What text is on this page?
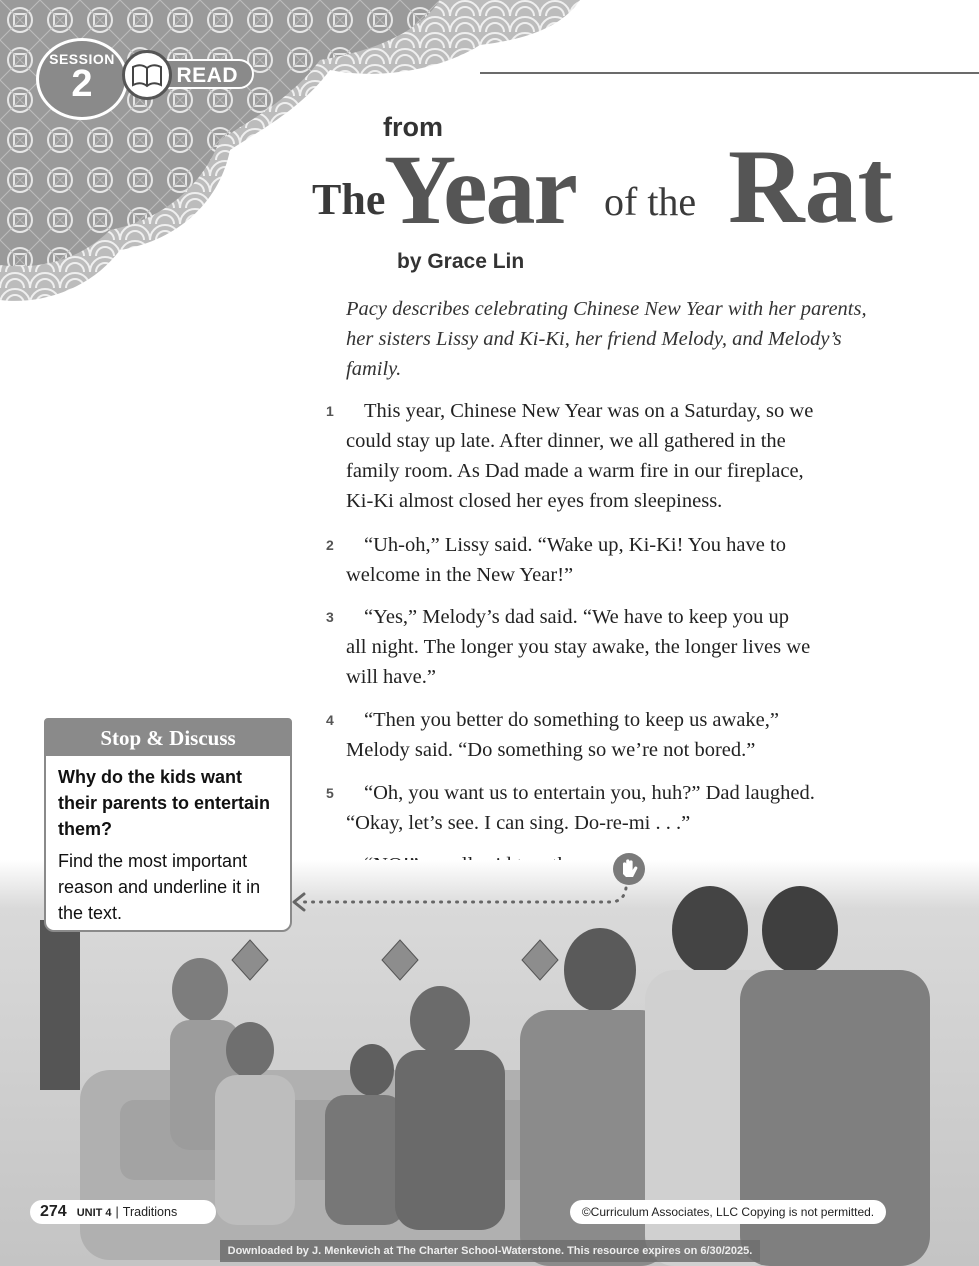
SESSION
2	READ
from
The
Year of the Rat
by Grace Lin
Pacy describes celebrating Chinese New Year with her parents, her sisters Lissy and Ki-Ki, her friend Melody, and Melody’s family.
1	This year, Chinese New Year was on a Saturday, so we
could stay up late. After dinner, we all gathered in the
family room. As Dad made a warm fire in our fireplace,
Ki-Ki almost closed her eyes from sleepiness.
2	“Uh-oh,” Lissy said. “Wake up, Ki-Ki! You have to
welcome in the New Year!”
3	“Yes,” Melody’s dad said. “We have to keep you up
all night. The longer you stay awake, the longer lives we
will have.”
4	“Then you better do something to keep us awake,”
Melody said. “Do something so we’re not bored.”
5	“Oh, you want us to entertain you, huh?” Dad laughed.
“Okay, let’s see. I can sing. Do-re-mi . . .”
Stop & Discuss
Why do the kids want their parents to entertain them?
Find the most important reason and underline it in the text.
274 UNIT 4 | Traditions	©Curriculum Associates, LLC Copying is not permitted.
Downloaded by J. Menkevich at The Charter School-Waterstone. This resource expires on 6/30/2025.
